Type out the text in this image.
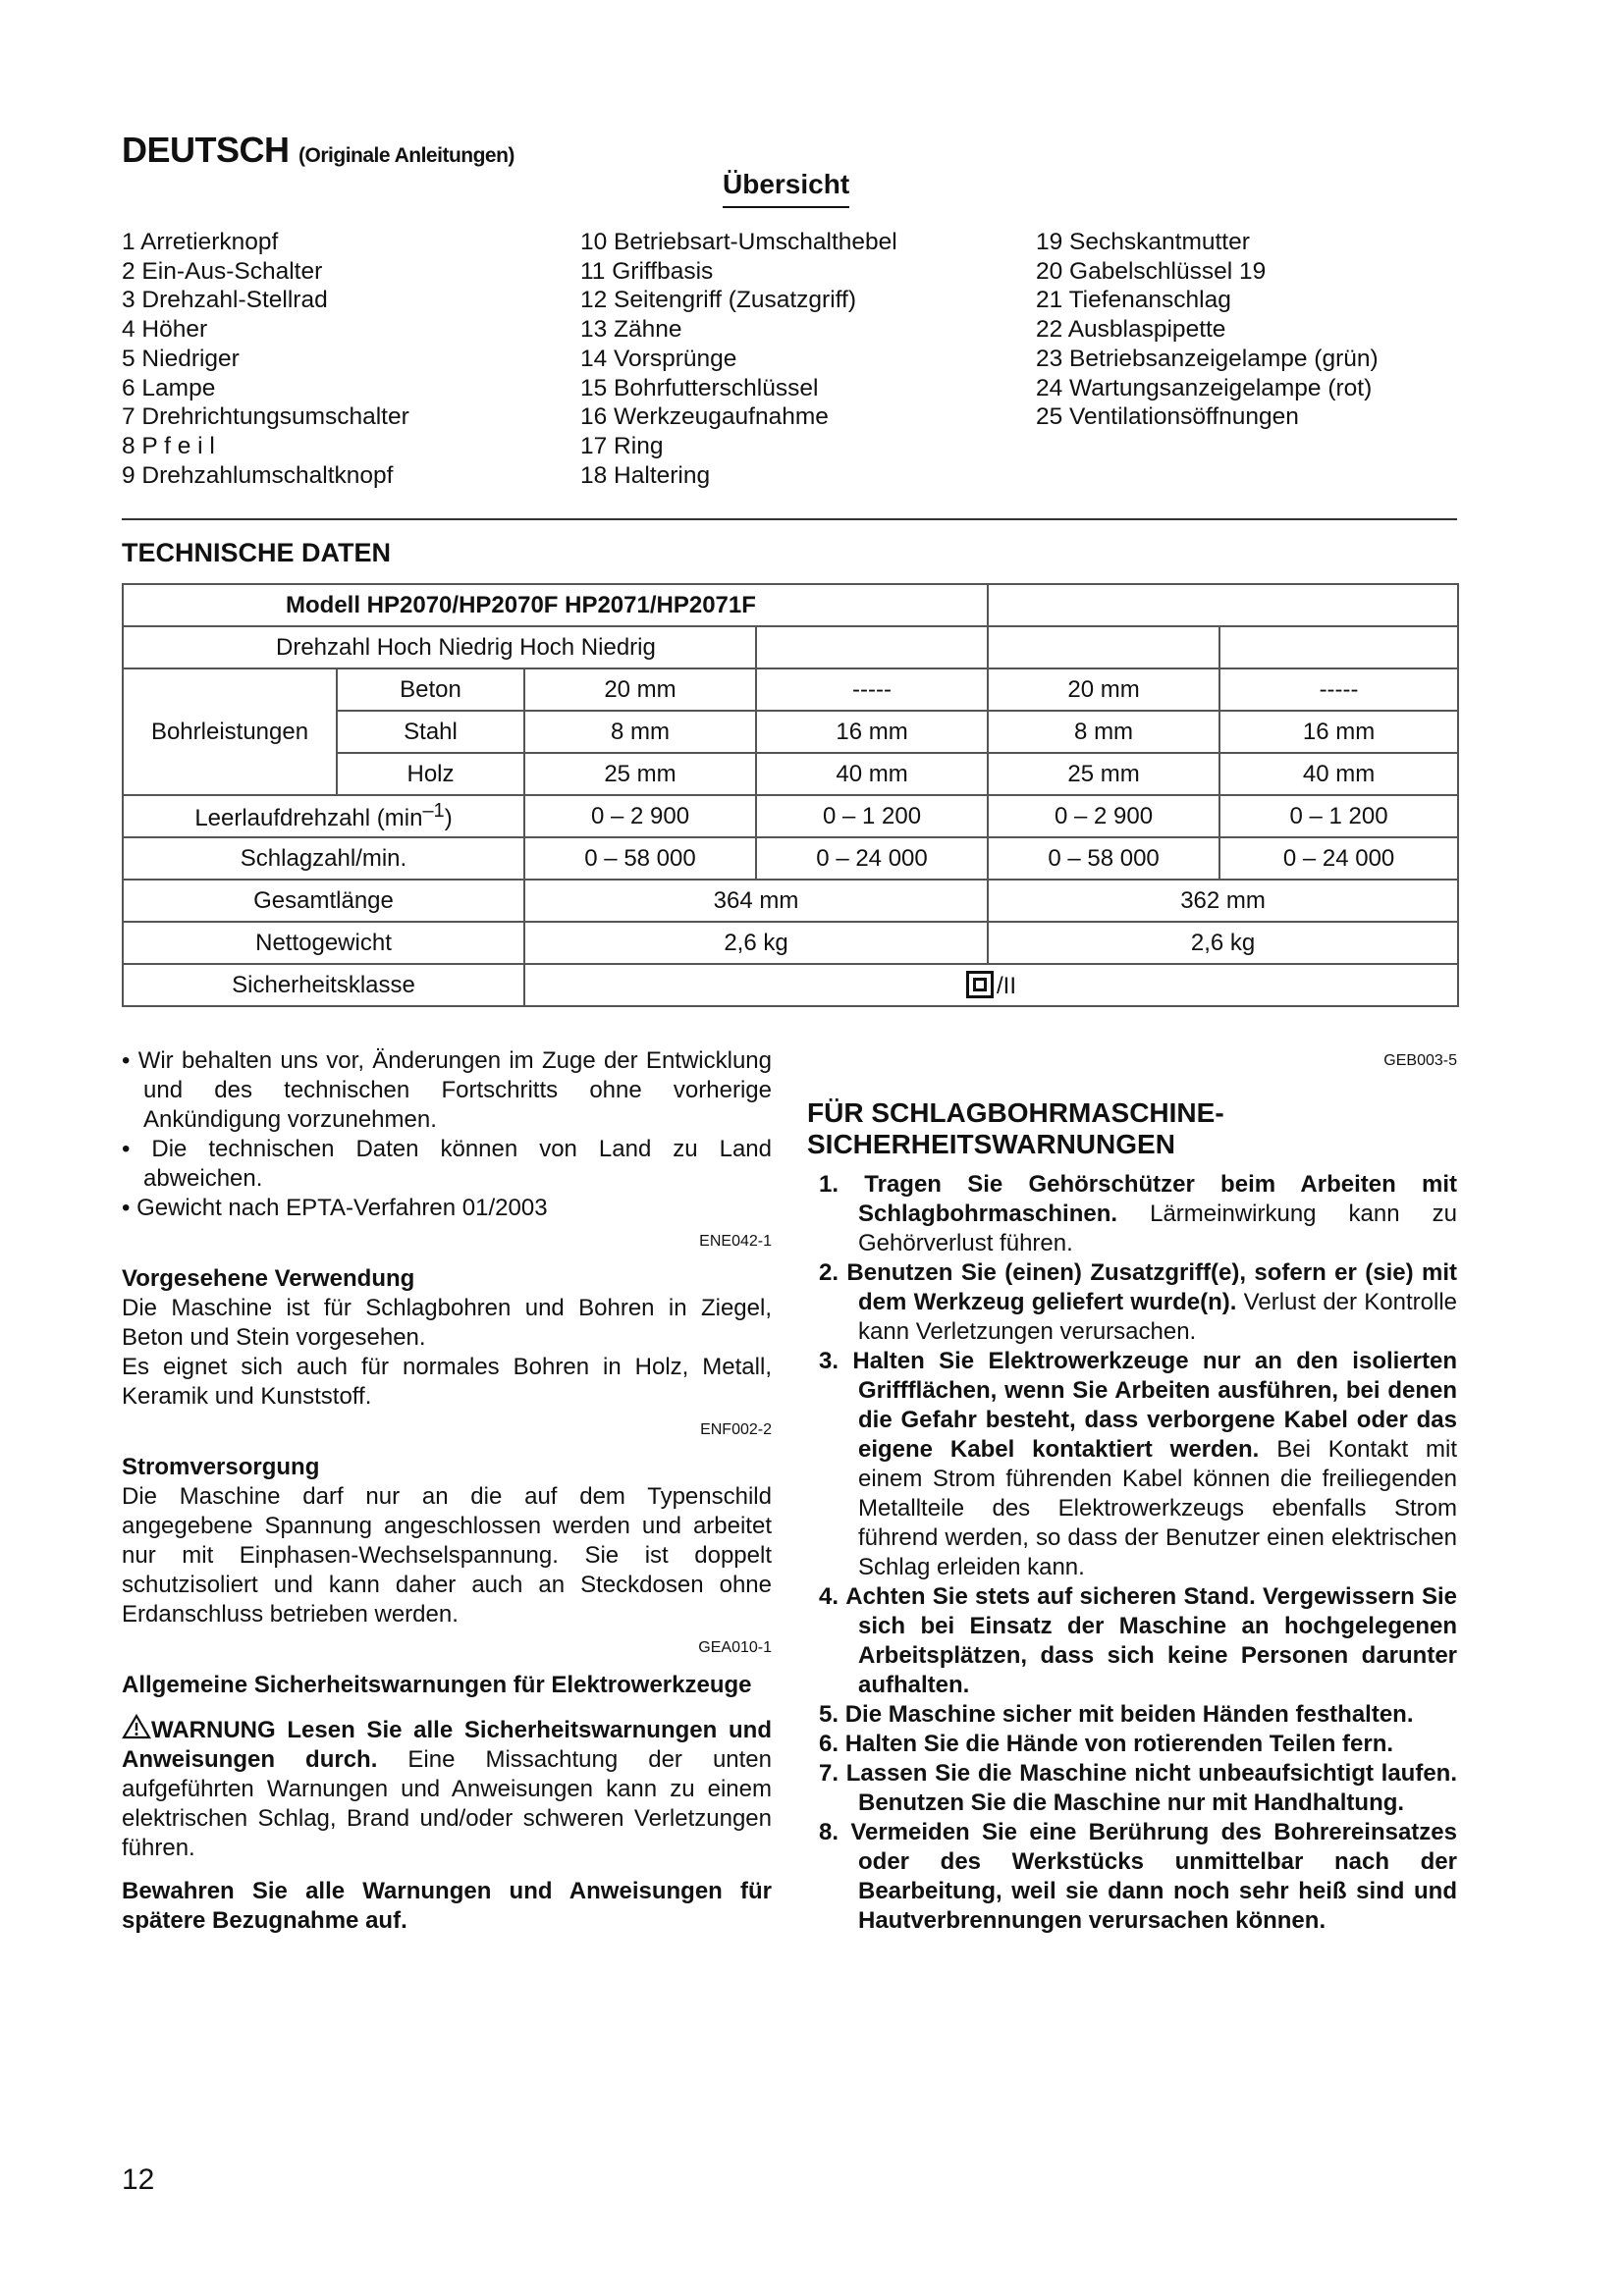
DEUTSCH (Originale Anleitungen)
Übersicht
1 Arretierknopf
2 Ein-Aus-Schalter
3 Drehzahl-Stellrad
4 Höher
5 Niedriger
6 Lampe
7 Drehrichtungsumschalter
8 P f e i l
9 Drehzahlumschaltknopf
10 Betriebsart-Umschalthebel
11 Griffbasis
12 Seitengriff (Zusatzgriff)
13 Zähne
14 Vorsprünge
15 Bohrfutterschlüssel
16 Werkzeugaufnahme
17 Ring
18 Haltering
19 Sechskantmutter
20 Gabelschlüssel 19
21 Tiefenanschlag
22 Ausblaspipette
23 Betriebsanzeigelampe (grün)
24 Wartungsanzeigelampe (rot)
25 Ventilationsöffnungen
TECHNISCHE DATEN
Modell HP2070/HP2070F HP2071/HP2071F					
Drehzahl Hoch Niedrig Hoch Niedrig					
Bohrleistungen	Beton	20 mm	-----	20 mm	-----
	Stahl	8 mm	16 mm	8 mm	16 mm
	Holz	25 mm	40 mm	25 mm	40 mm
Leerlaufdrehzahl $(\min^{-1})$		0 – 2 900	0 – 1 200	0 – 2 900	0 – 1 200
Schlagzahl/min.		0 – 58 000	0 – 24 000	0 – 58 000	0 – 24 000
Gesamtlänge		364 mm		362 mm	
Nettogewicht		2,6 kg		2,6 kg	
Sicherheitsklasse		/II			

• Wir behalten uns vor, Änderungen im Zuge der Entwicklung und des technischen Fortschritts ohne vorherige Ankündigung vorzunehmen.

• Die technischen Daten können von Land zu Land abweichen.

• Gewicht nach EPTA-Verfahren 01/2003

ENE042-1

Vorgesehene Verwendung

Die Maschine ist für Schlagbohren und Bohren in Ziegel, Beton und Stein vorgesehen.

Es eignet sich auch für normales Bohren in Holz, Metall, Keramik und Kunststoff.

ENF002-2

Stromversorgung

Die Maschine darf nur an die auf dem Typenschild angegebene Spannung angeschlossen werden und arbeitet nur mit Einphasen-Wechselspannung. Sie ist doppelt schutzisoliert und kann daher auch an Steckdosen ohne Erdanschluss betrieben werden.

GEA010-1

Allgemeine Sicherheitswarnungen für Elektrowerkzeuge

WARNUNG Lesen Sie alle Sicherheitswarnungen und Anweisungen durch. Eine Missachtung der unten aufgeführten Warnungen und Anweisungen kann zu einem elektrischen Schlag, Brand und/oder schweren Verletzungen führen.

Bewahren Sie alle Warnungen und Anweisungen für spätere Bezugnahme auf.

GEB003-5

FÜR SCHLAGBOHRMASCHINE-SICHERHEITSWARNUNGEN

1. Tragen Sie Gehörschützer beim Arbeiten mit Schlagbohrmaschinen. Lärmeinwirkung kann zu Gehörverlust führen.
2. Benutzen Sie (einen) Zusatzgriff(e), sofern er (sie) mit dem Werkzeug geliefert wurde(n). Verlust der Kontrolle kann Verletzungen verursachen.
3. Halten Sie Elektrowerkzeuge nur an den isolierten Griffflächen, wenn Sie Arbeiten ausführen, bei denen die Gefahr besteht, dass verborgene Kabel oder das eigene Kabel kontaktiert werden. Bei Kontakt mit einem Strom führenden Kabel können die freiliegenden Metallteile des Elektrowerkzeugs ebenfalls Strom führend werden, so dass der Benutzer einen elektrischen Schlag erleiden kann.
4. Achten Sie stets auf sicheren Stand. Vergewissern Sie sich bei Einsatz der Maschine an hochgelegenen Arbeitsplätzen, dass sich keine Personen darunter aufhalten.
5. Die Maschine sicher mit beiden Händen festhalten.
6. Halten Sie die Hände von rotierenden Teilen fern.
7. Lassen Sie die Maschine nicht unbeaufsichtigt laufen. Benutzen Sie die Maschine nur mit Handhaltung.
8. Vermeiden Sie eine Berührung des Bohrereinsatzes oder des Werkstücks unmittelbar nach der Bearbeitung, weil sie dann noch sehr heiß sind und Hautverbrennungen verursachen können.
12
